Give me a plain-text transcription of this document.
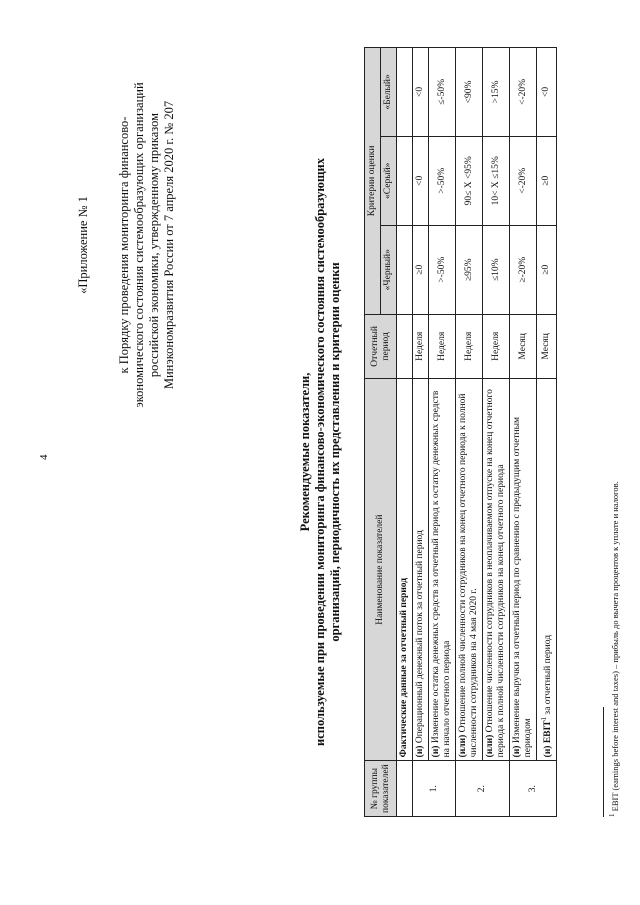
4
«Приложение № 1 к Порядку проведения мониторинга финансово-экономического состояния системообразующих организаций российской экономики, утвержденному приказом Минэкономразвития России от 7 апреля 2020 г. № 207
Рекомендуемые показатели, используемые при проведении мониторинга финансово-экономического состояния системообразующих организаций, периодичность их представления и критерии оценки
№ группы показателей	Наименование показателей	Отчетный период	Критерии оценки		
			«Черный»	«Серый»	«Белый»
	Фактические данные за отчетный период				
1.	(и) Операционный денежный поток за отчетный период	Неделя	≥0	<0	<0
	(и) Изменение остатка денежных средств за отчетный период к остатку денежных средств на начало отчетного периода	Неделя	>-50%	>-50%	≤-50%
2.	(или) Отношение полной численности сотрудников на конец отчетного периода к полной численности сотрудников на 4 мая 2020 г.	Неделя	≥95%	90≤ X <95%	<90%
	(или) Отношение численности сотрудников в неоплачиваемом отпуске на конец отчетного периода к полной численности сотрудников на конец отчетного периода	Неделя	≤10%	10< X ≤15%	>15%
3.	(и) Изменение выручки за отчетный период по сравнению с предыдущим отчетным периодом	Месяц	≥-20%	<-20%	<-20%
	(и) EBIT$^1$ за отчетный период	Месяц	≥0	≥0	<0
$^1$ EBIT (earnings before interest and taxes) – прибыль до вычета процентов к уплате и налогов.
